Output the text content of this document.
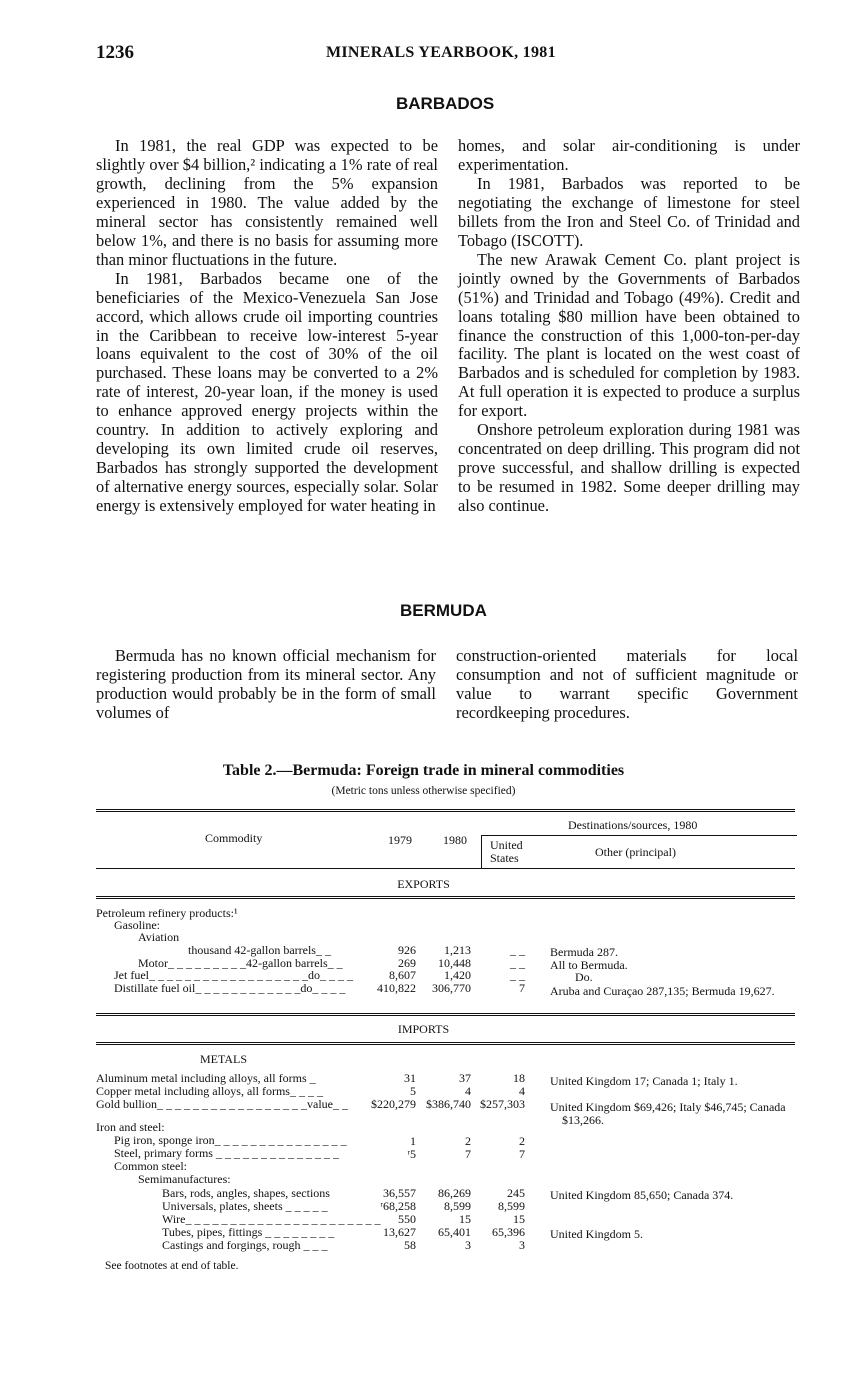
1236	MINERALS YEARBOOK, 1981
BARBADOS

In 1981, the real GDP was expected to be slightly over $4 billion,² indicating a 1% rate of real growth, declining from the 5% expansion experienced in 1980. The value added by the mineral sector has consistently remained well below 1%, and there is no basis for assuming more than minor fluctuations in the future.

In 1981, Barbados became one of the beneficiaries of the Mexico-Venezuela San Jose accord, which allows crude oil importing countries in the Caribbean to receive low-interest 5-year loans equivalent to the cost of 30% of the oil purchased. These loans may be converted to a 2% rate of interest, 20-year loan, if the money is used to enhance approved energy projects within the country. In addition to actively exploring and developing its own limited crude oil reserves, Barbados has strongly supported the development of alternative energy sources, especially solar. Solar energy is extensively employed for water heating in

homes, and solar air-conditioning is under experimentation.

In 1981, Barbados was reported to be negotiating the exchange of limestone for steel billets from the Iron and Steel Co. of Trinidad and Tobago (ISCOTT).

The new Arawak Cement Co. plant project is jointly owned by the Governments of Barbados (51%) and Trinidad and Tobago (49%). Credit and loans totaling $80 million have been obtained to finance the construction of this 1,000-ton-per-day facility. The plant is located on the west coast of Barbados and is scheduled for completion by 1983. At full operation it is expected to produce a surplus for export.

Onshore petroleum exploration during 1981 was concentrated on deep drilling. This program did not prove successful, and shallow drilling is expected to be resumed in 1982. Some deeper drilling may also continue.

BERMUDA

Bermuda has no known official mechanism for registering production from its mineral sector. Any production would probably be in the form of small volumes of

construction-oriented materials for local consumption and not of sufficient magnitude or value to warrant specific Government recordkeeping procedures.

Table 2.—Bermuda: Foreign trade in mineral commodities
(Metric tons unless otherwise specified)
Commodity	1979	1980
Destinations/sources, 1980
United States	Other (principal)
EXPORTS
Petroleum refinery products:¹
Gasoline:
Aviation
thousand 42-gallon barrels_ _	926	1,213	_ _ Bermuda 287.
Motor_ _ _ _ _ _ _ _ _42-gallon barrels_ _	269	10,448	_ _ All to Bermuda.
Jet fuel_ _ _ _ _ _ _ _ _ _ _ _ _ _ _ _ _ _do_ _ _ _	8,607	1,420	_ _	Do.
Distillate fuel oil_ _ _ _ _ _ _ _ _ _ _ _do_ _ _ _	410,822	306,770	7 Aruba and Curaçao 287,135; Bermuda 19,627.
IMPORTS
METALS
Aluminum metal including alloys, all forms _	31	37	18 United Kingdom 17; Canada 1; Italy 1.
Copper metal including alloys, all forms_ _ _ _	5	4	4
Gold bullion_ _ _ _ _ _ _ _ _ _ _ _ _ _ _ _ _value_ _	$220,279 $386,740 $257,303 United Kingdom $69,426; Italy $46,745; Canada $13,266.
Iron and steel:
Pig iron, sponge iron_ _ _ _ _ _ _ _ _ _ _ _ _ _ _	1	2	2
Steel, primary forms _ _ _ _ _ _ _ _ _ _ _ _ _ _	ʳ5	7	7
Common steel:
Semimanufactures:
Bars, rods, angles, shapes, sections	36,557	86,269	245 United Kingdom 85,650; Canada 374.
Universals, plates, sheets _ _ _ _ _	ʳ68,258	8,599	8,599
Wire_ _ _ _ _ _ _ _ _ _ _ _ _ _ _ _ _ _ _ _ _ _	550	15	15
Tubes, pipes, fittings _ _ _ _ _ _ _ _	13,627	65,401	65,396 United Kingdom 5.
Castings and forgings, rough _ _ _	58	3	3
See footnotes at end of table.
